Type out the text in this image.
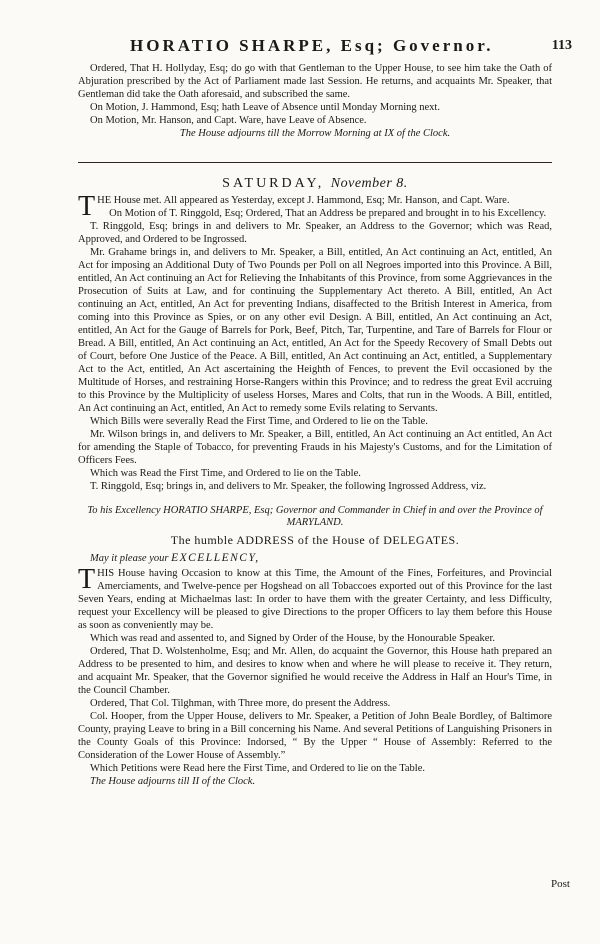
HORATIO SHARPE, Esq; Governor.	113

Ordered, That H. Hollyday, Esq; do go with that Gentleman to the Upper House, to see him take the Oath of Abjuration prescribed by the Act of Parliament made last Session. He returns, and acquaints Mr. Speaker, that Gentleman did take the Oath aforesaid, and subscribed the same.

On Motion, J. Hammond, Esq; hath Leave of Absence until Monday Morning next.

On Motion, Mr. Hanson, and Capt. Ware, have Leave of Absence.

The House adjourns till the Morrow Morning at IX of the Clock.

SATURDAY, November 8.

THE House met. All appeared as Yesterday, except J. Hammond, Esq; Mr. Hanson, and Capt. Ware.

On Motion of T. Ringgold, Esq; Ordered, That an Address be prepared and brought in to his Excellency.

T. Ringgold, Esq; brings in and delivers to Mr. Speaker, an Address to the Governor; which was Read, Approved, and Ordered to be Ingrossed.

Mr. Grahame brings in, and delivers to Mr. Speaker, a Bill, entitled, An Act continuing an Act, entitled, An Act for imposing an Additional Duty of Two Pounds per Poll on all Negroes imported into this Province. A Bill, entitled, An Act continuing an Act for Relieving the Inhabitants of this Province, from some Aggrievances in the Prosecution of Suits at Law, and for continuing the Supplementary Act thereto. A Bill, entitled, An Act continuing an Act, entitled, An Act for preventing Indians, disaffected to the British Interest in America, from coming into this Province as Spies, or on any other evil Design. A Bill, entitled, An Act continuing an Act, entitled, An Act for the Gauge of Barrels for Pork, Beef, Pitch, Tar, Turpentine, and Tare of Barrels for Flour or Bread. A Bill, entitled, An Act continuing an Act, entitled, An Act for the Speedy Recovery of Small Debts out of Court, before One Justice of the Peace. A Bill, entitled, An Act continuing an Act, entitled, a Supplementary Act to the Act, entitled, An Act ascertaining the Heighth of Fences, to prevent the Evil occasioned by the Multitude of Horses, and restraining Horse-Rangers within this Province; and to redress the great Evil accruing to this Province by the Multiplicity of useless Horses, Mares and Colts, that run in the Woods. A Bill, entitled, An Act continuing an Act, entitled, An Act to remedy some Evils relating to Servants.

Which Bills were severally Read the First Time, and Ordered to lie on the Table.

Mr. Wilson brings in, and delivers to Mr. Speaker, a Bill, entitled, An Act continuing an Act entitled, An Act for amending the Staple of Tobacco, for preventing Frauds in his Majesty's Customs, and for the Limitation of Officers Fees.

Which was Read the First Time, and Ordered to lie on the Table.

T. Ringgold, Esq; brings in, and delivers to Mr. Speaker, the following Ingrossed Address, viz.

To his Excellency HORATIO SHARPE, Esq; Governor and Commander in Chief in and over the Province of MARYLAND.

The humble ADDRESS of the House of DELEGATES.

May it please your EXCELLENCY,

THIS House having Occasion to know at this Time, the Amount of the Fines, Forfeitures, and Provincial Amerciaments, and Twelve-pence per Hogshead on all Tobaccoes exported out of this Province for the last Seven Years, ending at Michaelmas last: In order to have them with the greater Certainty, and less Difficulty, request your Excellency will be pleased to give Directions to the proper Officers to lay them before this House as soon as conveniently may be.

Which was read and assented to, and Signed by Order of the House, by the Honourable Speaker.

Ordered, That D. Wolstenholme, Esq; and Mr. Allen, do acquaint the Governor, this House hath prepared an Address to be presented to him, and desires to know when and where he will please to receive it. They return, and acquaint Mr. Speaker, that the Governor signified he would receive the Address in Half an Hour's Time, in the Council Chamber.

Ordered, That Col. Tilghman, with Three more, do present the Address.

Col. Hooper, from the Upper House, delivers to Mr. Speaker, a Petition of John Beale Bordley, of Baltimore County, praying Leave to bring in a Bill concerning his Name. And several Petitions of Languishing Prisoners in the County Goals of this Province: Indorsed, “ By the Upper “ House of Assembly: Referred to the Consideration of the Lower House of Assembly.”

Which Petitions were Read here the First Time, and Ordered to lie on the Table.

The House adjourns till II of the Clock.

Post
